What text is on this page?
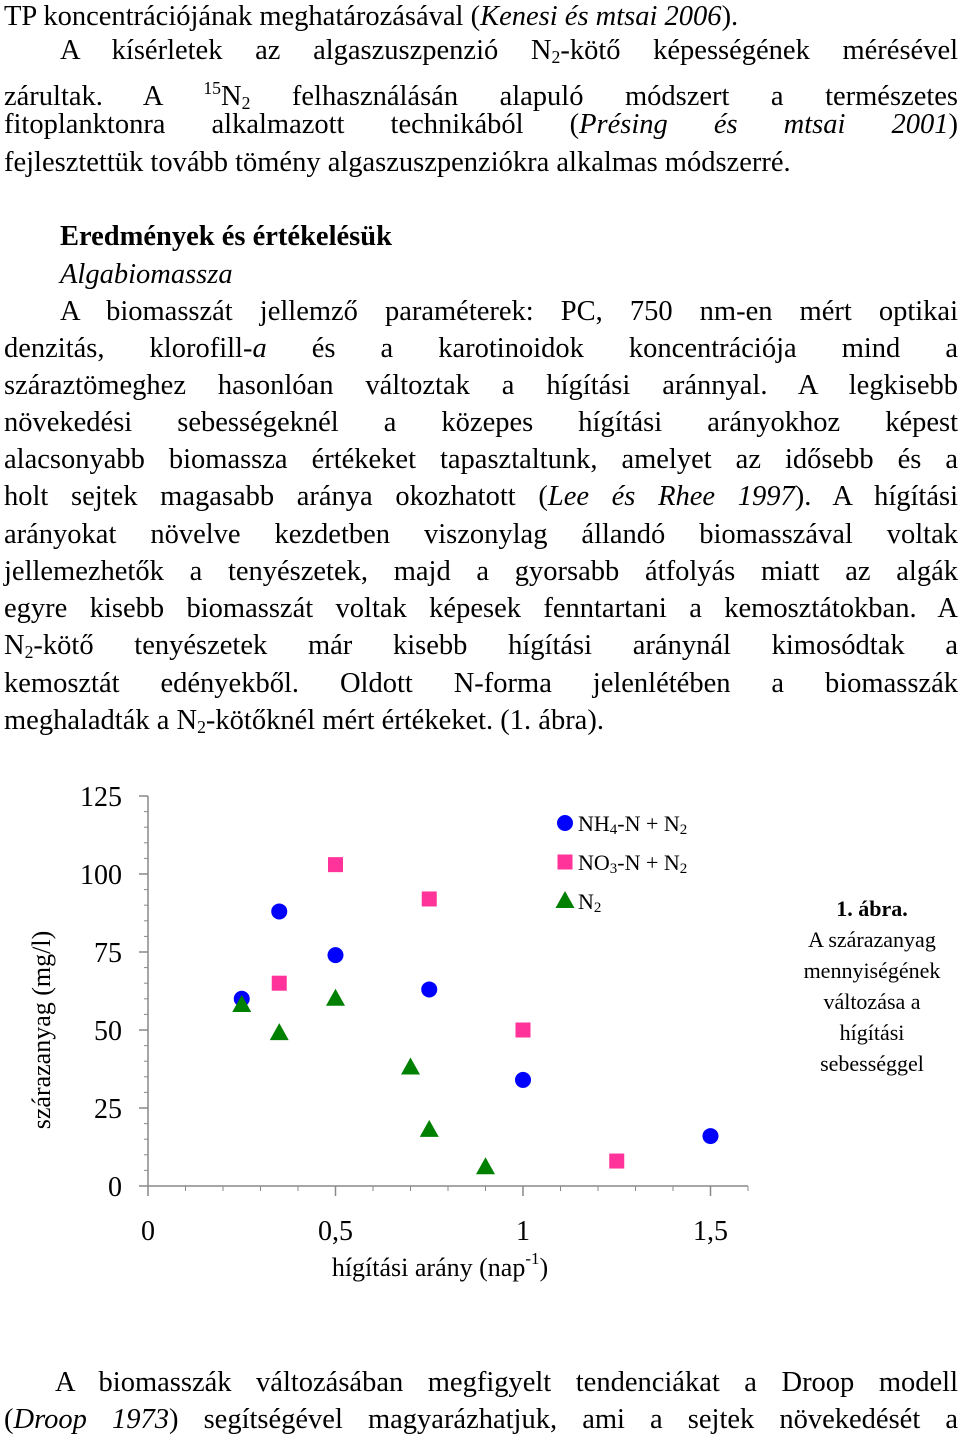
TP koncentrációjának meghatározásával (Kenesi és mtsai 2006).
A kísérletek az algaszuszpenzió $N_2$-kötő képességének mérésével
zárultak. A $^{15}N_2$ felhasználásán alapuló módszert a természetes
fitoplanktonra alkalmazott technikából (Présing és mtsai 2001)
fejlesztettük tovább tömény algaszuszpenziókra alkalmas módszerré.
Eredmények és értékelésük
Algabiomassza
A biomasszát jellemző paraméterek: PC, 750 nm-en mért optikai
denzitás, klorofill-a és a karotinoidok koncentrációja mind a
szárazt​ömeghez hasonlóan változtak a hígítási aránnyal. A legkisebb
növekedési sebességeknél a közepes hígítási arányokhoz képest
alacsonyabb biomassza értékeket tapasztaltunk, amelyet az idősebb és a
holt sejtek magasabb aránya okozhatott (Lee és Rhee 1997). A hígítási
arányokat növelve kezdetben viszonylag állandó biomasszával voltak
jellemezhetők a tenyészetek, majd a gyorsabb átfolyás miatt az algák
egyre kisebb biomasszát voltak képesek fenntartani a kemosztátokban. A
$N_2$-kötő tenyészetek már kisebb hígítási aránynál kimosódtak a
kemosztát edényekből. Oldott N-forma jelenlétében a biomasszák
meghaladták a $N_2$-kötőknél mért értékeket. (1. ábra).
0
25
50
75
100
125
0	0,5	1	1,5
NH4-N + N2
NO3-N + N2
N2
szárazanyag (mg/l)
hígítási arány (nap$^{-1}$)
1. ábra.
A szárazanyag
mennyiségének
változása a
hígítási
sebességgel
A biomasszák változásában megfigyelt tendenciákat a Droop modell
(Droop 1973) segítségével magyarázhatjuk, ami a sejtek növekedését a
